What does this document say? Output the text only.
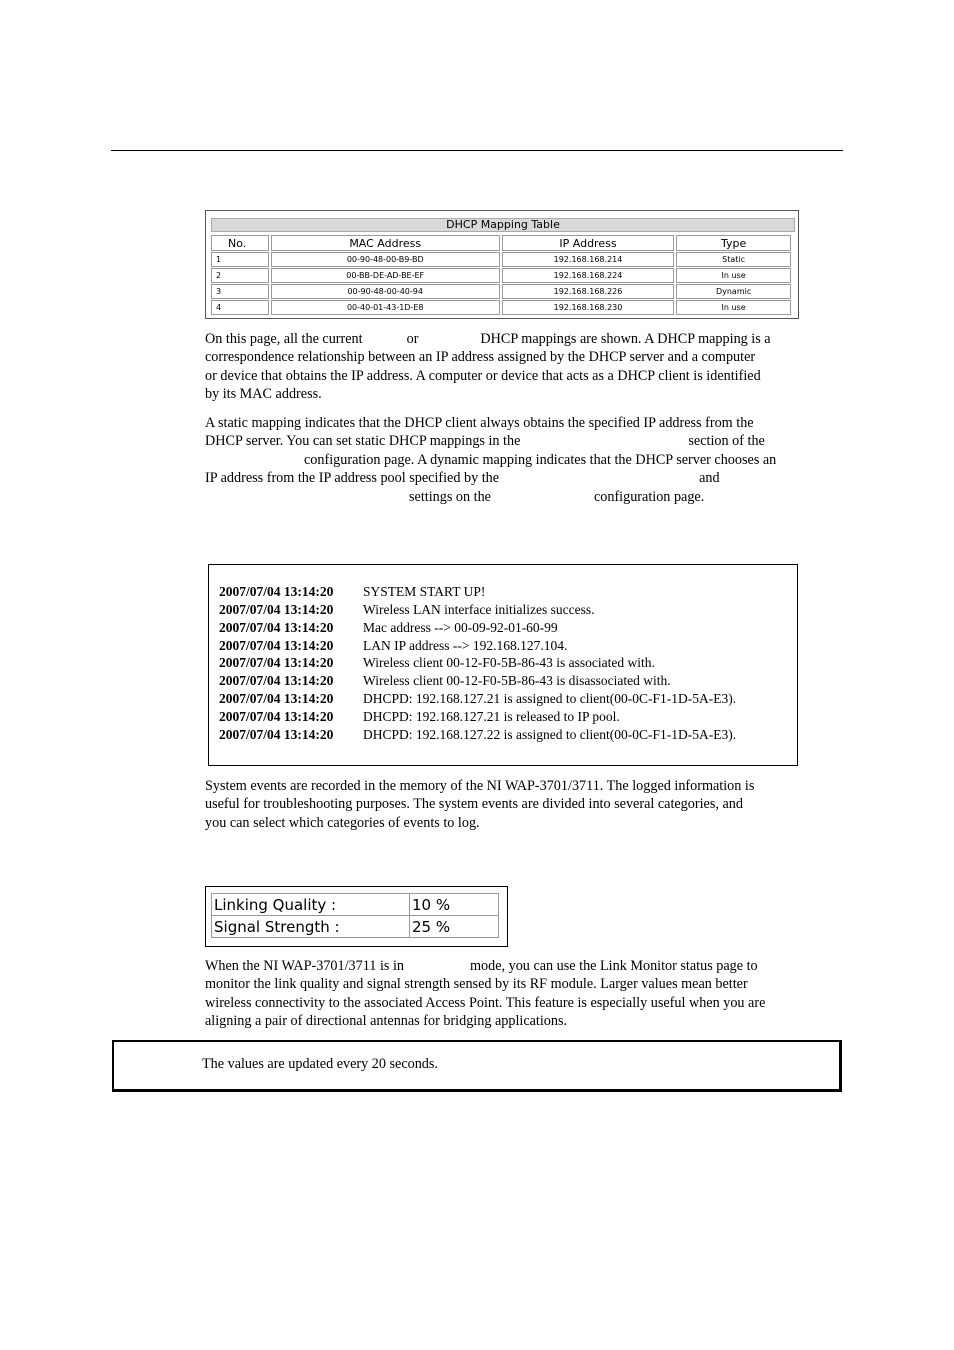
DHCP Mapping Table
No.	MAC Address	IP Address	Type
1	00-90-48-00-B9-BD	192.168.168.214	Static
2	00-BB-DE-AD-BE-EF	192.168.168.224	In use
3	00-90-48-00-40-94	192.168.168.226	Dynamic
4	00-40-01-43-1D-E8	192.168.168.230	In use
On this page, all the current	or	DHCP mappings are shown. A DHCP mapping is a
correspondence relationship between an IP address assigned by the DHCP server and a computer
or device that obtains the IP address. A computer or device that acts as a DHCP client is identified
by its MAC address.
A static mapping indicates that the DHCP client always obtains the specified IP address from the
DHCP server. You can set static DHCP mappings in the	section of the
configuration page. A dynamic mapping indicates that the DHCP server chooses an
IP address from the IP address pool specified by the	and
settings on the	configuration page.
2007/07/04 13:14:20 SYSTEM START UP!
2007/07/04 13:14:20 Wireless LAN interface initializes success.
2007/07/04 13:14:20 Mac address --> 00-09-92-01-60-99
2007/07/04 13:14:20 LAN IP address --> 192.168.127.104.
2007/07/04 13:14:20 Wireless client 00-12-F0-5B-86-43 is associated with.
2007/07/04 13:14:20 Wireless client 00-12-F0-5B-86-43 is disassociated with.
2007/07/04 13:14:20 DHCPD: 192.168.127.21 is assigned to client(00-0C-F1-1D-5A-E3).
2007/07/04 13:14:20 DHCPD: 192.168.127.21 is released to IP pool.
2007/07/04 13:14:20 DHCPD: 192.168.127.22 is assigned to client(00-0C-F1-1D-5A-E3).
System events are recorded in the memory of the NI WAP-3701/3711. The logged information is
useful for troubleshooting purposes. The system events are divided into several categories, and
you can select which categories of events to log.
Linking Quality :	10 %
Signal Strength :	25 %
When the NI WAP-3701/3711 is in	mode, you can use the Link Monitor status page to
monitor the link quality and signal strength sensed by its RF module. Larger values mean better
wireless connectivity to the associated Access Point. This feature is especially useful when you are
aligning a pair of directional antennas for bridging applications.
The values are updated every 20 seconds.
